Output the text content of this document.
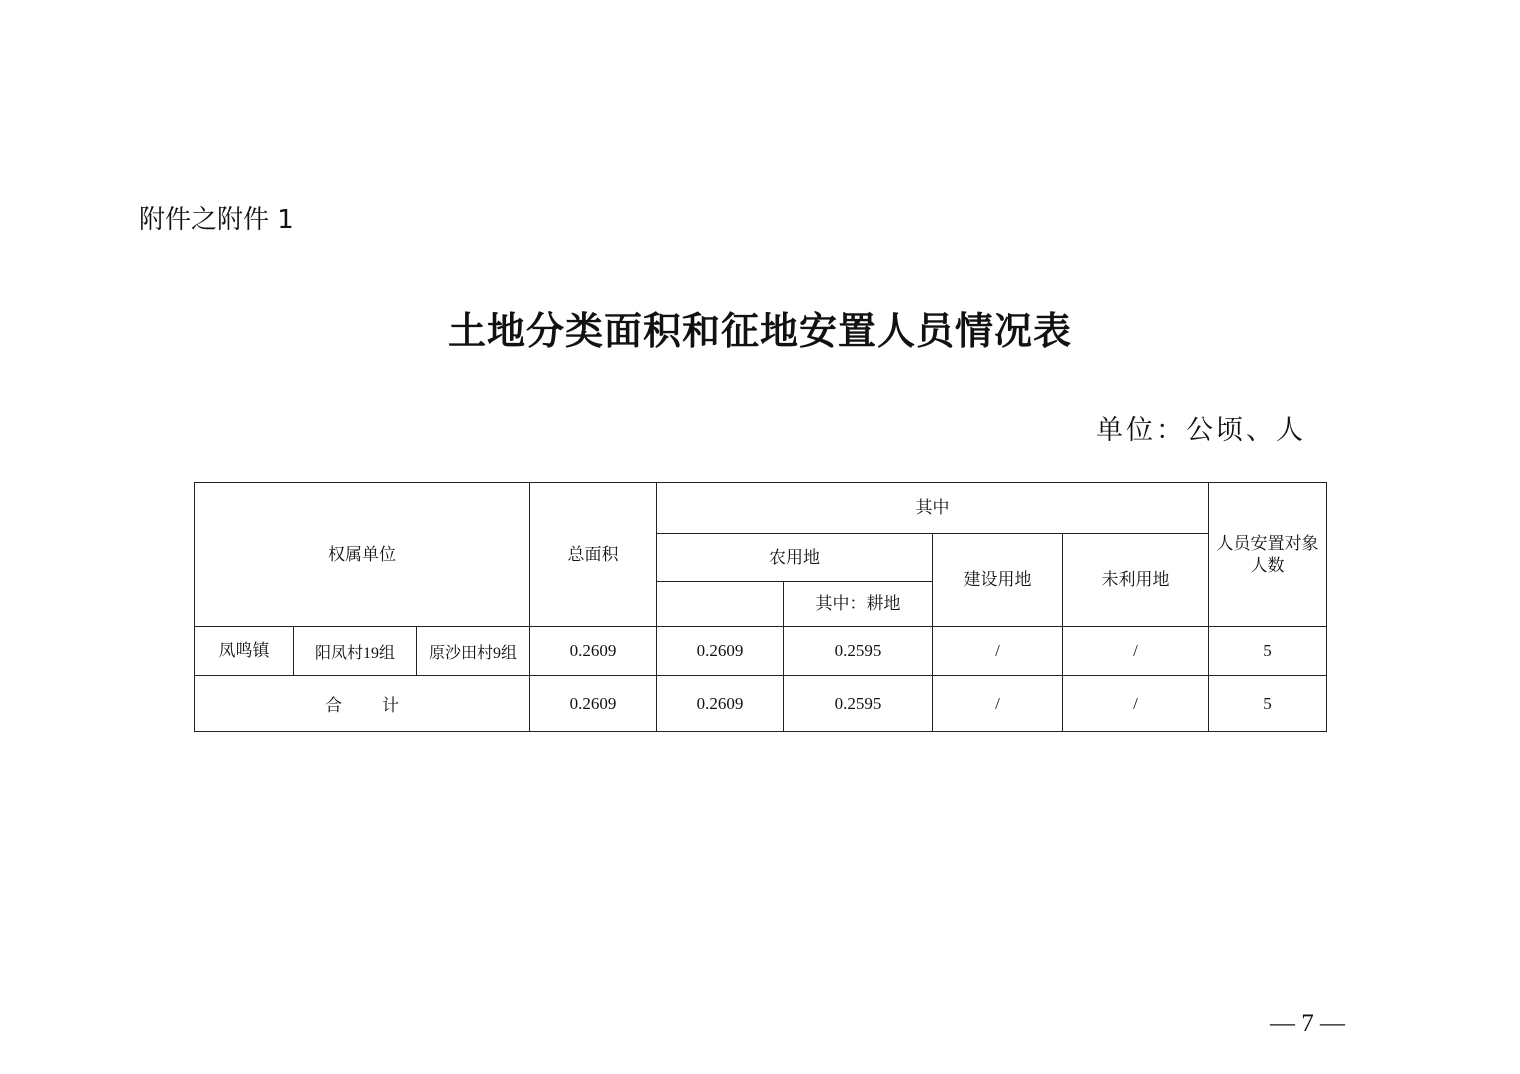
附件之附件 1
土地分类面积和征地安置人员情况表
单位：公顷、人
权属单位			总面积	其中				人员安置对象人数
				农用地		建设用地	未利用地	
					其中：耕地			
凤鸣镇	阳凤村19组	原沙田村9组	0.2609	0.2609	0.2595	/	/	5
合 计			0.2609	0.2609	0.2595	/	/	5
— 7 —
